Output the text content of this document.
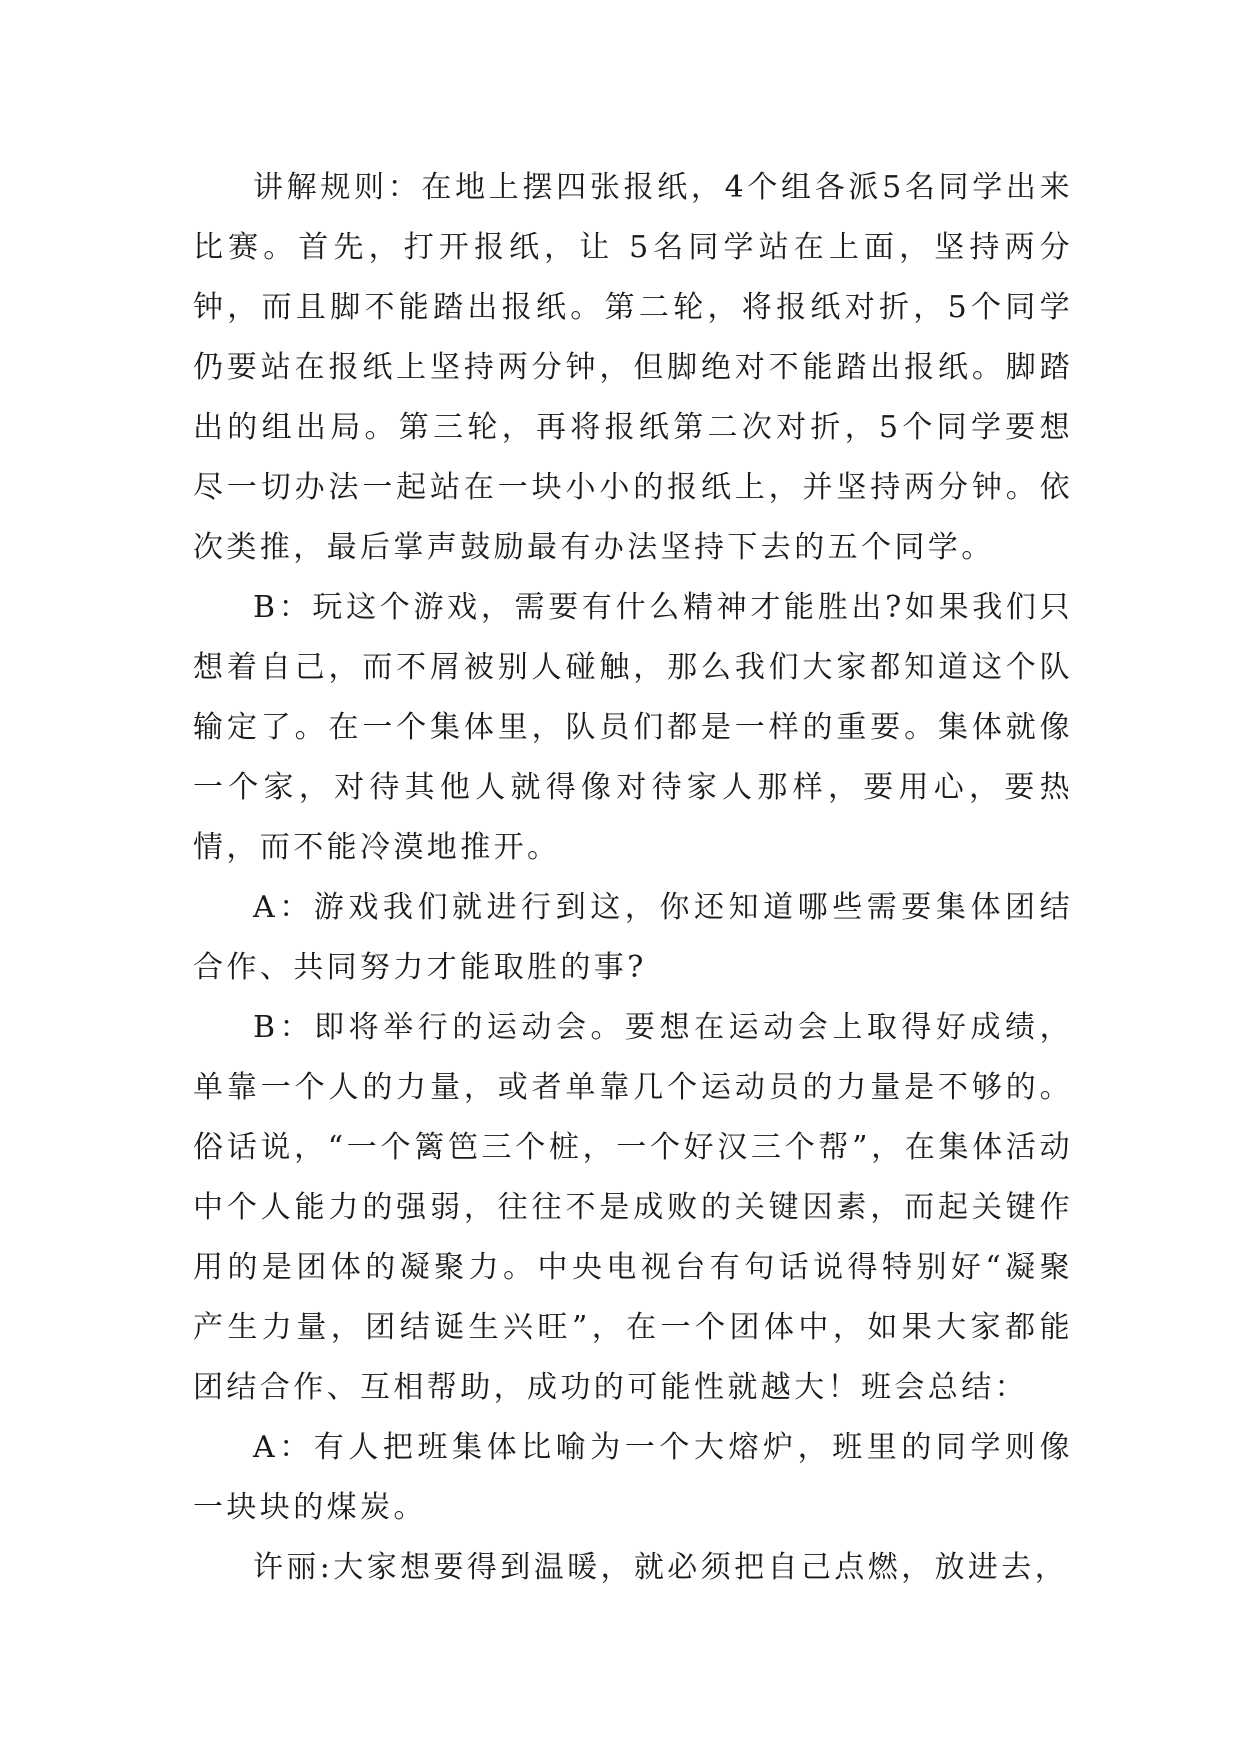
讲解规则：在地上摆四张报纸，4个组各派5名同学出来比赛。首先，打开报纸，让 5名同学站在上面，坚持两分钟，而且脚不能踏出报纸。第二轮，将报纸对折，5个同学仍要站在报纸上坚持两分钟，但脚绝对不能踏出报纸。脚踏出的组出局。第三轮，再将报纸第二次对折，5个同学要想尽一切办法一起站在一块小小的报纸上，并坚持两分钟。依次类推，最后掌声鼓励最有办法坚持下去的五个同学。

B：玩这个游戏，需要有什么精神才能胜出?如果我们只想着自己，而不屑被别人碰触，那么我们大家都知道这个队输定了。在一个集体里，队员们都是一样的重要。集体就像一个家，对待其他人就得像对待家人那样，要用心，要热情，而不能冷漠地推开。

A：游戏我们就进行到这，你还知道哪些需要集体团结合作、共同努力才能取胜的事?

B：即将举行的运动会。要想在运动会上取得好成绩，单靠一个人的力量，或者单靠几个运动员的力量是不够的。俗话说，“一个篱笆三个桩，一个好汉三个帮”，在集体活动中个人能力的强弱，往往不是成败的关键因素，而起关键作用的是团体的凝聚力。中央电视台有句话说得特别好“凝聚产生力量，团结诞生兴旺”，在一个团体中，如果大家都能团结合作、互相帮助，成功的可能性就越大！班会总结：

A：有人把班集体比喻为一个大熔炉，班里的同学则像一块块的煤炭。

许丽:大家想要得到温暖，就必须把自己点燃，放进去，
